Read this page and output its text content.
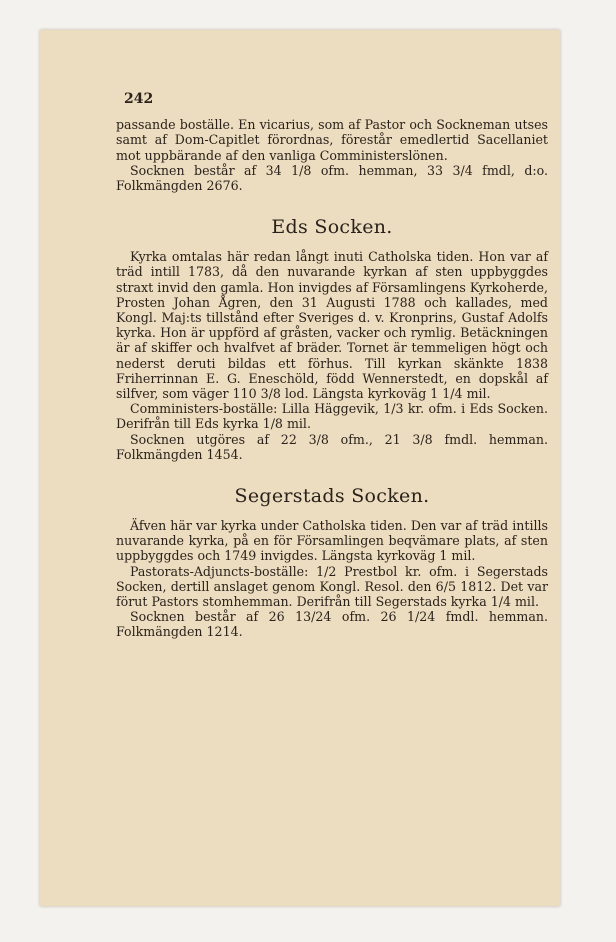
242

passande boställe. En vicarius, som af Pastor och Sockneman utses samt af Dom-Capitlet förordnas, förestår emedlertid Sacellaniet mot uppbärande af den vanliga Comministerslönen.

Socknen består af 34 1/8 ofm. hemman, 33 3/4 fmdl, d:o. Folkmängden 2676.

Eds Socken.

Kyrka omtalas här redan långt inuti Catholska tiden. Hon var af träd intill 1783, då den nuvarande kyrkan af sten uppbyggdes straxt invid den gamla. Hon invigdes af Församlingens Kyrkoherde, Prosten Johan Ågren, den 31 Augusti 1788 och kallades, med Kongl. Maj:ts tillstånd efter Sveriges d. v. Kronprins, Gustaf Adolfs kyrka. Hon är uppförd af gråsten, vacker och rymlig. Betäckningen är af skiffer och hvalfvet af bräder. Tornet är temmeligen högt och nederst deruti bildas ett förhus. Till kyrkan skänkte 1838 Friherrinnan E. G. Eneschöld, född Wennerstedt, en dopskål af silfver, som väger 110 3/8 lod. Längsta kyrkoväg 1 1/4 mil.

Comministers-boställe: Lilla Häggevik, 1/3 kr. ofm. i Eds Socken. Derifrån till Eds kyrka 1/8 mil.

Socknen utgöres af 22 3/8 ofm., 21 3/8 fmdl. hemman. Folkmängden 1454.

Segerstads Socken.

Äfven här var kyrka under Catholska tiden. Den var af träd intills nuvarande kyrka, på en för Församlingen beqvämare plats, af sten uppbyggdes och 1749 invigdes. Längsta kyrkoväg 1 mil.

Pastorats-Adjuncts-boställe: 1/2 Prestbol kr. ofm. i Segerstads Socken, dertill anslaget genom Kongl. Resol. den 6/5 1812. Det var förut Pastors stomhemman. Derifrån till Segerstads kyrka 1/4 mil.

Socknen består af 26 13/24 ofm. 26 1/24 fmdl. hemman. Folkmängden 1214.
